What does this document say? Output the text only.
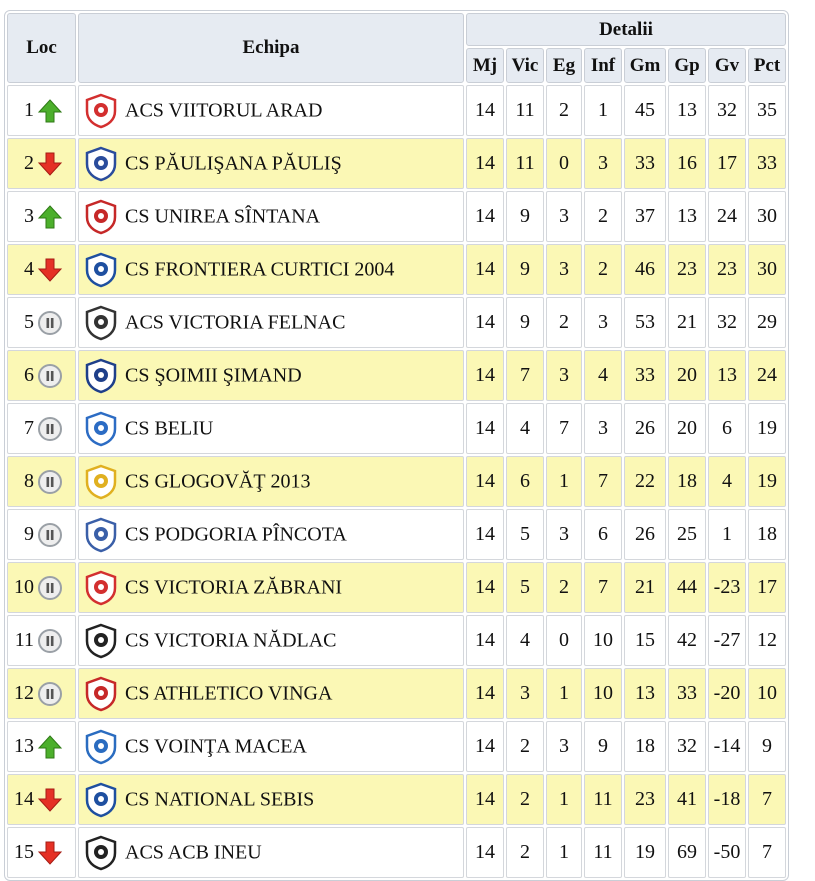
Loc	Echipa	Detalii							
		Mj	Vic	Eg	Inf	Gm	Gp	Gv	Pct
1	ACS VIITORUL ARAD	14	11	2	1	45	13	32	35
2	CS PĂULIŞANA PĂULIŞ	14	11	0	3	33	16	17	33
3	CS UNIREA SÎNTANA	14	9	3	2	37	13	24	30
4	CS FRONTIERA CURTICI 2004	14	9	3	2	46	23	23	30
5	ACS VICTORIA FELNAC	14	9	2	3	53	21	32	29
6	CS ŞOIMII ŞIMAND	14	7	3	4	33	20	13	24
7	CS BELIU	14	4	7	3	26	20	6	19
8	CS GLOGOVĂŢ 2013	14	6	1	7	22	18	4	19
9	CS PODGORIA PÎNCOTA	14	5	3	6	26	25	1	18
10	CS VICTORIA ZĂBRANI	14	5	2	7	21	44	-23	17
11	CS VICTORIA NĂDLAC	14	4	0	10	15	42	-27	12
12	CS ATHLETICO VINGA	14	3	1	10	13	33	-20	10
13	CS VOINŢA MACEA	14	2	3	9	18	32	-14	9
14	CS NATIONAL SEBIS	14	2	1	11	23	41	-18	7
15	ACS ACB INEU	14	2	1	11	19	69	-50	7
